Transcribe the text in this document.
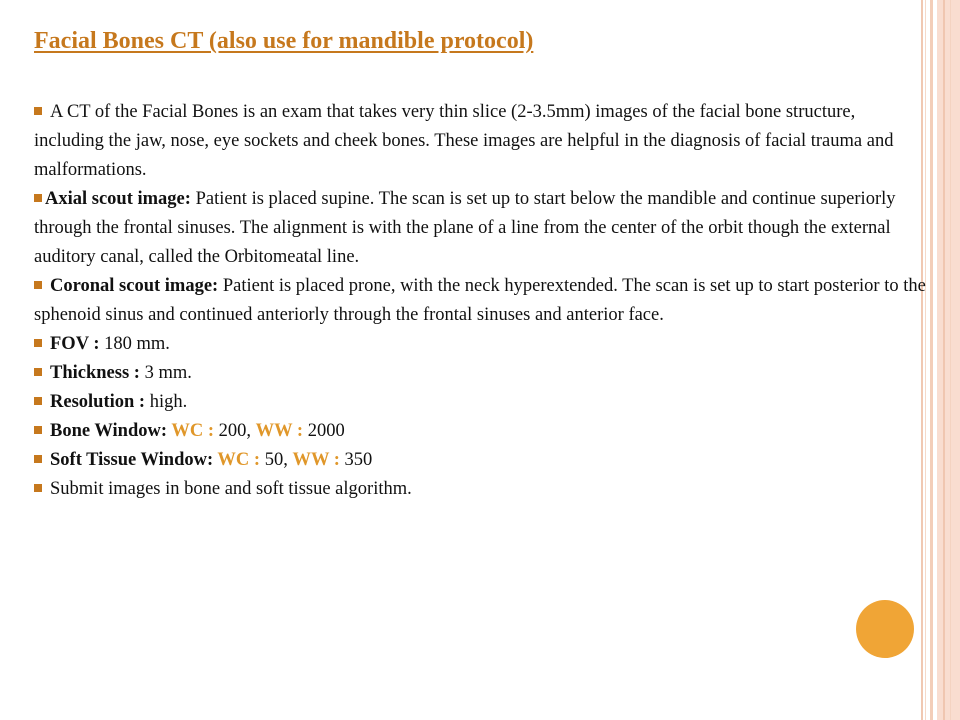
Facial Bones CT (also use for mandible protocol)

A CT of the Facial Bones is an exam that takes very thin slice (2-3.5mm) images of the facial bone structure, including the jaw, nose, eye sockets and cheek bones. These images are helpful in the diagnosis of facial trauma and malformations.

Axial scout image: Patient is placed supine. The scan is set up to start below the mandible and continue superiorly through the frontal sinuses. The alignment is with the plane of a line from the center of the orbit though the external auditory canal, called the Orbitomeatal line.

Coronal scout image: Patient is placed prone, with the neck hyperextended. The scan is set up to start posterior to the sphenoid sinus and continued anteriorly through the frontal sinuses and anterior face.

FOV : 180 mm.

Thickness : 3 mm.

Resolution : high.

Bone Window: WC : 200, WW : 2000

Soft Tissue Window: WC : 50, WW : 350

Submit images in bone and soft tissue algorithm.
